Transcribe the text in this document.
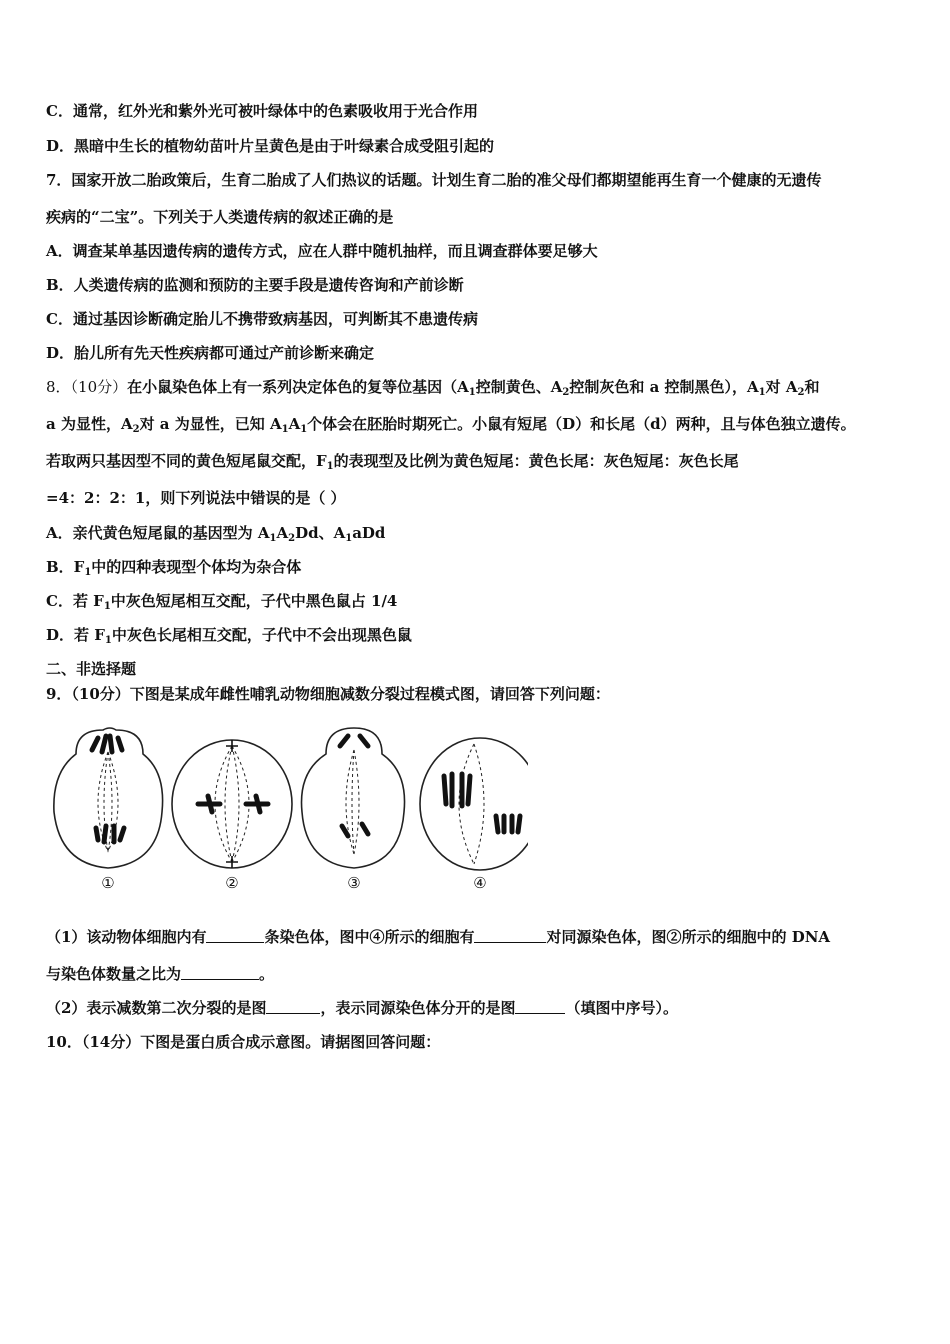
C．通常，红外光和紫外光可被叶绿体中的色素吸收用于光合作用
D．黑暗中生长的植物幼苗叶片呈黄色是由于叶绿素合成受阻引起的
7．国家开放二胎政策后，生育二胎成了人们热议的话题。计划生育二胎的准父母们都期望能再生育一个健康的无遗传
疾病的“二宝”。下列关于人类遗传病的叙述正确的是
A．调查某单基因遗传病的遗传方式，应在人群中随机抽样，而且调查群体要足够大
B．人类遗传病的监测和预防的主要手段是遗传咨询和产前诊断
C．通过基因诊断确定胎儿不携带致病基因，可判断其不患遗传病
D．胎儿所有先天性疾病都可通过产前诊断来确定
8．（10分）在小鼠染色体上有一系列决定体色的复等位基因（$A_1$控制黄色、$A_2$控制灰色和 a 控制黑色），$A_1$对 $A_2$和
a 为显性，$A_2$对 a 为显性，已知 $A_1A_1$个体会在胚胎时期死亡。小鼠有短尾（D）和长尾（d）两种，且与体色独立遗传。
若取两只基因型不同的黄色短尾鼠交配，$F_1$的表现型及比例为黄色短尾：黄色长尾：灰色短尾：灰色长尾
=4：2：2：1，则下列说法中错误的是（ ）
A．亲代黄色短尾鼠的基因型为 $A_1A_2Dd$、$A_1aDd$
B．$F_1$中的四种表现型个体均为杂合体
C．若 $F_1$中灰色短尾相互交配，子代中黑色鼠占 1/4
D．若 $F_1$中灰色长尾相互交配，子代中不会出现黑色鼠
二、非选择题
9．（10分）下图是某成年雌性哺乳动物细胞减数分裂过程模式图，请回答下列问题：
①	②	③	④
（1）该动物体细胞内有	条染色体，图中④所示的细胞有	对同源染色体，图②所示的细胞中的 DNA
与染色体数量之比为	。
（2）表示减数第二次分裂的是图	，表示同源染色体分开的是图	（填图中序号）。
10．（14分）下图是蛋白质合成示意图。请据图回答问题：
